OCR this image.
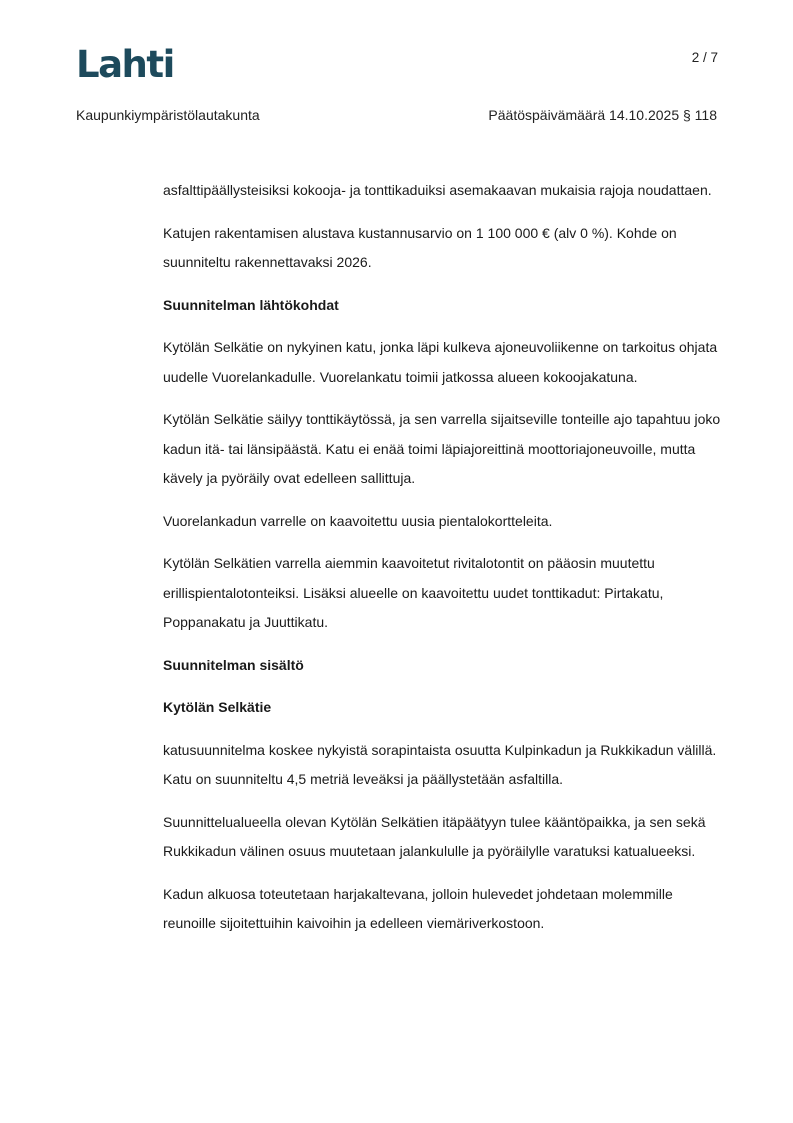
Lahti	2 / 7
Kaupunkiympäristölautakunta	Päätöspäivämäärä 14.10.2025 § 118

asfalttipäällysteisiksi kokooja- ja tonttikaduiksi asemakaavan mukaisia rajoja noudattaen.

Katujen rakentamisen alustava kustannusarvio on 1 100 000 € (alv 0 %). Kohde on suunniteltu rakennettavaksi 2026.

Suunnitelman lähtökohdat

Kytölän Selkätie on nykyinen katu, jonka läpi kulkeva ajoneuvoliikenne on tarkoitus ohjata uudelle Vuorelankadulle. Vuorelankatu toimii jatkossa alueen kokoojakatuna.

Kytölän Selkätie säilyy tonttikäytössä, ja sen varrella sijaitseville tonteille ajo tapahtuu joko kadun itä- tai länsipäästä. Katu ei enää toimi läpiajoreittinä moottoriajoneuvoille, mutta kävely ja pyöräily ovat edelleen sallittuja.

Vuorelankadun varrelle on kaavoitettu uusia pientalokortteleita.

Kytölän Selkätien varrella aiemmin kaavoitetut rivitalotontit on pääosin muutettu erillispientalotonteiksi. Lisäksi alueelle on kaavoitettu uudet tonttikadut: Pirtakatu, Poppanakatu ja Juuttikatu.

Suunnitelman sisältö
Kytölän Selkätie

katusuunnitelma koskee nykyistä sorapintaista osuutta Kulpinkadun ja Rukkikadun välillä. Katu on suunniteltu 4,5 metriä leveäksi ja päällystetään asfaltilla.

Suunnittelualueella olevan Kytölän Selkätien itäpäätyyn tulee kääntöpaikka, ja sen sekä Rukkikadun välinen osuus muutetaan jalankululle ja pyöräilylle varatuksi katualueeksi.

Kadun alkuosa toteutetaan harjakaltevana, jolloin hulevedet johdetaan molemmille reunoille sijoitettuihin kaivoihin ja edelleen viemäriverkostoon.
